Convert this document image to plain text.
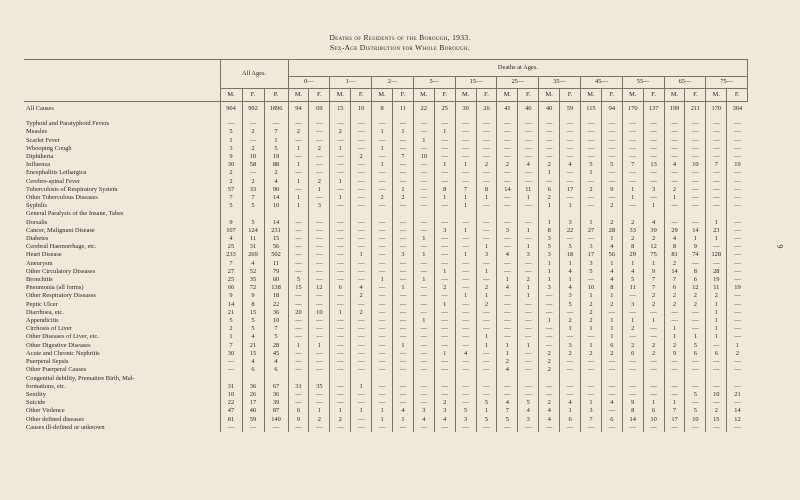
Deaths of Residents of the Borough, 1933.
Sex-Age Distribution for Whole Borough.
9
	All Ages.			Deaths at Ages.																					
				0—		1—		2—		5—		15—		25—		35—		45—		55—		65—		75—	
	M.	F.	P.	M.	F.	M.	F.	M.	F.	M.	F.	M.	F.	M.	F.	M.	F.	M.	F.	M.	F.	M.	F.	M.	F.
All Causes	904	992	1896	94	69	15	10	8	11	22	25	30	26	41	46	40	59	115	94	170	137	199	211	170	304
Typhoid and Paratyphoid Fevers	—	—	—	—	—	—	—	—	—	—	—	—	—	—	—	—	—	—	—	—	—	—	—	—	—
Measles	5	2	7	2	—	2	—	1	1	—	1	—	—	—	—	—	—	—	—	—	—	—	—	—	—
Scarlet Fever	1	—	1	—	—	—	—	—	—	1	—	—	—	—	—	—	—	—	—	—	—	—	—	—	—
Whooping Cough	3	2	5	1	2	1	—	1	—	—	—	—	—	—	—	—	—	—	—	—	—	—	—	—	—
Diphtheria	9	10	19	—	—	—	2	—	7	10	—	—	—	—	—	—	—	—	—	—	—	—	—	—	—
Influenza	30	58	88	1	—	—	—	1	—	—	1	1	2	2	4	2	4	5	5	7	13	4	10	7	19
Encephalitis Lethargica	2	—	2	—	—	—	—	—	—	—	—	—	—	—	—	1	—	1	—	—	—	—	—	—	—
Cerebro-spinal Fever	2	2	4	1	2	1	—	—	—	—	—	—	—	—	—	—	—	—	—	—	—	—	—	—	—
Tuberculosis of Respiratory System	57	33	90	—	1	—	—	—	1	—	8	7	8	14	11	6	17	2	9	1	3	2	—	—	—
Other Tuberculous Diseases	7	7	14	1	—	1	—	2	2	—	1	1	1	—	1	2	—	—	—	1	—	1	—	—	—
Syphilis	5	5	10	1	3	—	—	—	—	—	—	1	—	—	—	1	1	—	2	—	1	—	—	—	—
General Paralysis of the Insane, Tabes																									
Dorsalis	9	5	14	—	—	—	—	—	—	—	—	—	—	—	—	1	3	1	2	2	4	—	—	1	—
Cancer, Malignant Disease	107	124	231	—	—	—	—	—	—	—	3	1	—	3	1	8	22	27	28	33	39	29	14	23	—
Diabetes	4	11	15	—	—	—	—	—	—	1	—	—	—	—	—	3	—	—	1	2	2	4	1	1	—
Cerebral Haemorrhage, etc.	25	31	56	—	—	—	—	—	—	—	—	—	1	—	1	5	5	3	4	8	12	8	9	—	—
Heart Disease	233	269	502	—	—	—	1	—	3	1	—	1	3	4	3	3	18	17	56	29	75	81	74	128	—
Aneurysm	7	4	11	—	—	—	—	—	—	—	—	—	—	—	—	1	1	3	1	1	1	2	—	—	—
Other Circulatory Diseases	27	52	79	—	—	—	—	—	—	—	1	—	1	—	—	1	4	5	4	4	9	14	8	28	—
Bronchitis	25	35	60	5	—	—	—	1	—	1	—	—	—	1	2	1	1	—	4	5	7	7	6	19	—
Pneumonia (all forms)	66	72	138	15	12	6	4	—	1	—	2	—	2	4	1	3	4	10	8	11	7	6	12	11	19
Other Respiratory Diseases	9	9	18	—	—	—	2	—	—	—	—	1	1	—	1	—	3	1	1	—	2	2	2	2	—
Peptic Ulcer	14	8	22	—	—	—	—	—	—	—	1	—	2	—	—	—	5	2	2	3	2	2	2	1	—
Diarrhoea, etc.	21	15	36	20	10	1	2	—	—	—	—	—	—	—	—	—	—	2	—	—	—	—	—	1	—
Appendicitis	5	5	10	—	—	—	—	—	—	1	—	—	—	—	—	1	2	2	1	1	1	—	—	1	—
Cirrhosis of Liver	2	5	7	—	—	—	—	—	—	—	—	—	—	—	—	—	1	1	1	2	—	1	—	1	—
Other Diseases of Liver, etc.	1	4	5	—	—	—	—	—	—	—	—	—	1	—	—	—	—	—	1	—	—	1	1	1	—
Other Digestive Diseases	7	21	28	1	1	—	—	—	1	—	—	—	1	1	1	—	3	1	6	2	2	2	5	—	1
Acute and Chronic Nephritis	30	15	45	—	—	—	—	—	—	—	1	4	—	1	—	2	2	2	2	6	2	9	6	6	2
Puerperal Sepsis	—	4	4	—	—	—	—	—	—	—	—	—	—	2	—	2	—	—	—	—	—	—	—	—	—
Other Puerperal Causes	—	6	6	—	—	—	—	—	—	—	—	—	—	4	—	2	—	—	—	—	—	—	—	—	—
Congenital debility, Premature Birth, Mal-																									
formations, etc.	31	36	67	31	35	—	1	—	—	—	—	—	—	—	—	—	—	—	—	—	—	—	—	—	—
Senility	10	26	36	—	—	—	—	—	—	—	—	—	—	—	—	—	—	—	—	—	—	—	5	10	21
Suicide	22	17	39	—	—	—	—	—	—	—	2	—	5	4	5	2	4	1	4	9	1	1	—	—	—
Other Violence	47	40	87	6	1	1	1	1	4	3	3	5	1	7	4	4	1	3	—	8	6	7	5	2	14
Other defined diseases	81	59	140	9	2	2	—	1	1	4	4	3	5	5	3	4	6	7	6	14	10	17	10	15	12
Causes ill-defined or unknown	—	—	—	—	—	—	—	—	—	—	—	—	—	—	—	—	—	—	—	—	—	—	—	—	—
